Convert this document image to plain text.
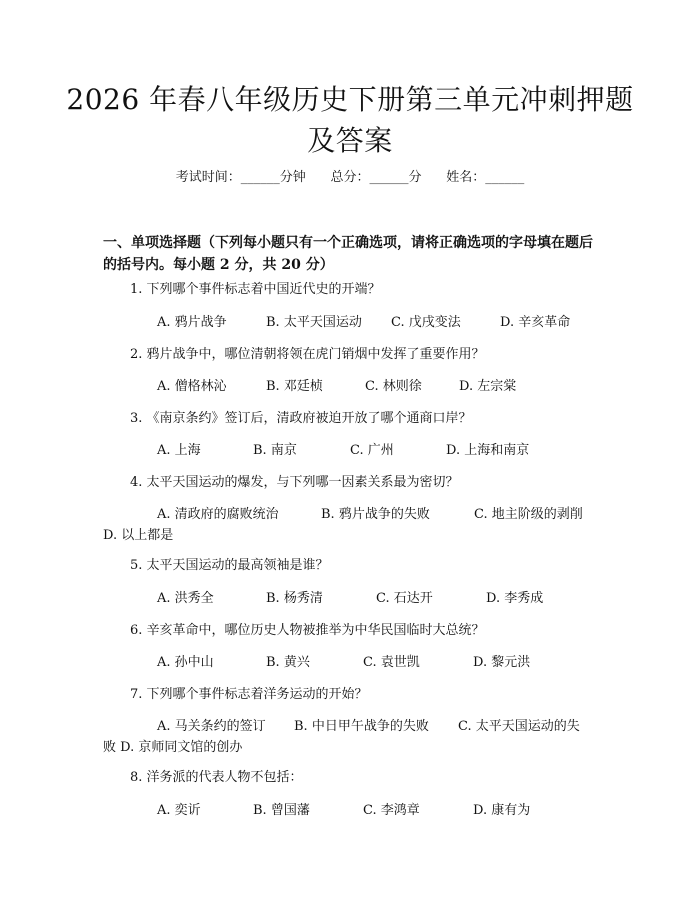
2026 年春八年级历史下册第三单元冲刺押题
及答案
考试时间：______分钟      总分：______分      姓名：______
一、单项选择题（下列每小题只有一个正确选项，请将正确选项的字母填在题后
的括号内。每小题 2 分，共 20 分）
1. 下列哪个事件标志着中国近代史的开端？
A. 鸦片战争	B. 太平天国运动 C. 戊戌变法	D. 辛亥革命
2. 鸦片战争中，哪位清朝将领在虎门销烟中发挥了重要作用？
A. 僧格林沁	B. 邓廷桢	C. 林则徐	D. 左宗棠
3. 《南京条约》签订后，清政府被迫开放了哪个通商口岸？
A. 上海	B. 南京	C. 广州	D. 上海和南京
4. 太平天国运动的爆发，与下列哪一因素关系最为密切？
A. 清政府的腐败统治	B. 鸦片战争的失败	C. 地主阶级的剥削
D. 以上都是
5. 太平天国运动的最高领袖是谁？
A. 洪秀全	B. 杨秀清	C. 石达开	D. 李秀成
6. 辛亥革命中，哪位历史人物被推举为中华民国临时大总统？
A. 孙中山	B. 黄兴	C. 袁世凯	D. 黎元洪
7. 下列哪个事件标志着洋务运动的开始？
A. 马关条约的签订 B. 中日甲午战争的失败 C. 太平天国运动的失
败 D. 京师同文馆的创办
8. 洋务派的代表人物不包括：
A. 奕䜣	B. 曾国藩	C. 李鸿章	D. 康有为
